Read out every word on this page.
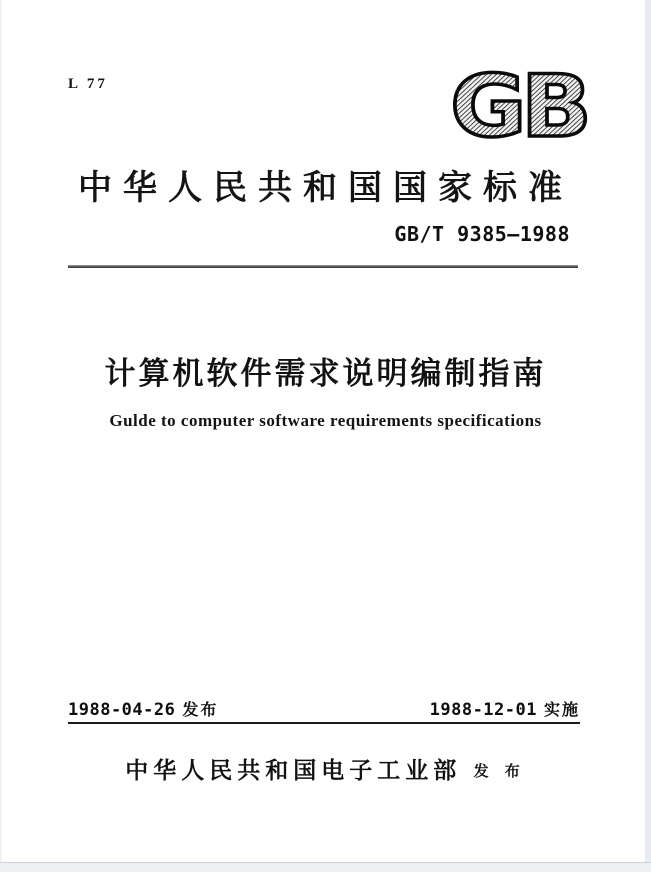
L 77	GB
中华人民共和国国家标准
GB/T 9385—1988
计算机软件需求说明编制指南
Gulde to computer software requirements specifications
1988-04-26 发布	1988-12-01 实施
中华人民共和国电子工业部 发 布
